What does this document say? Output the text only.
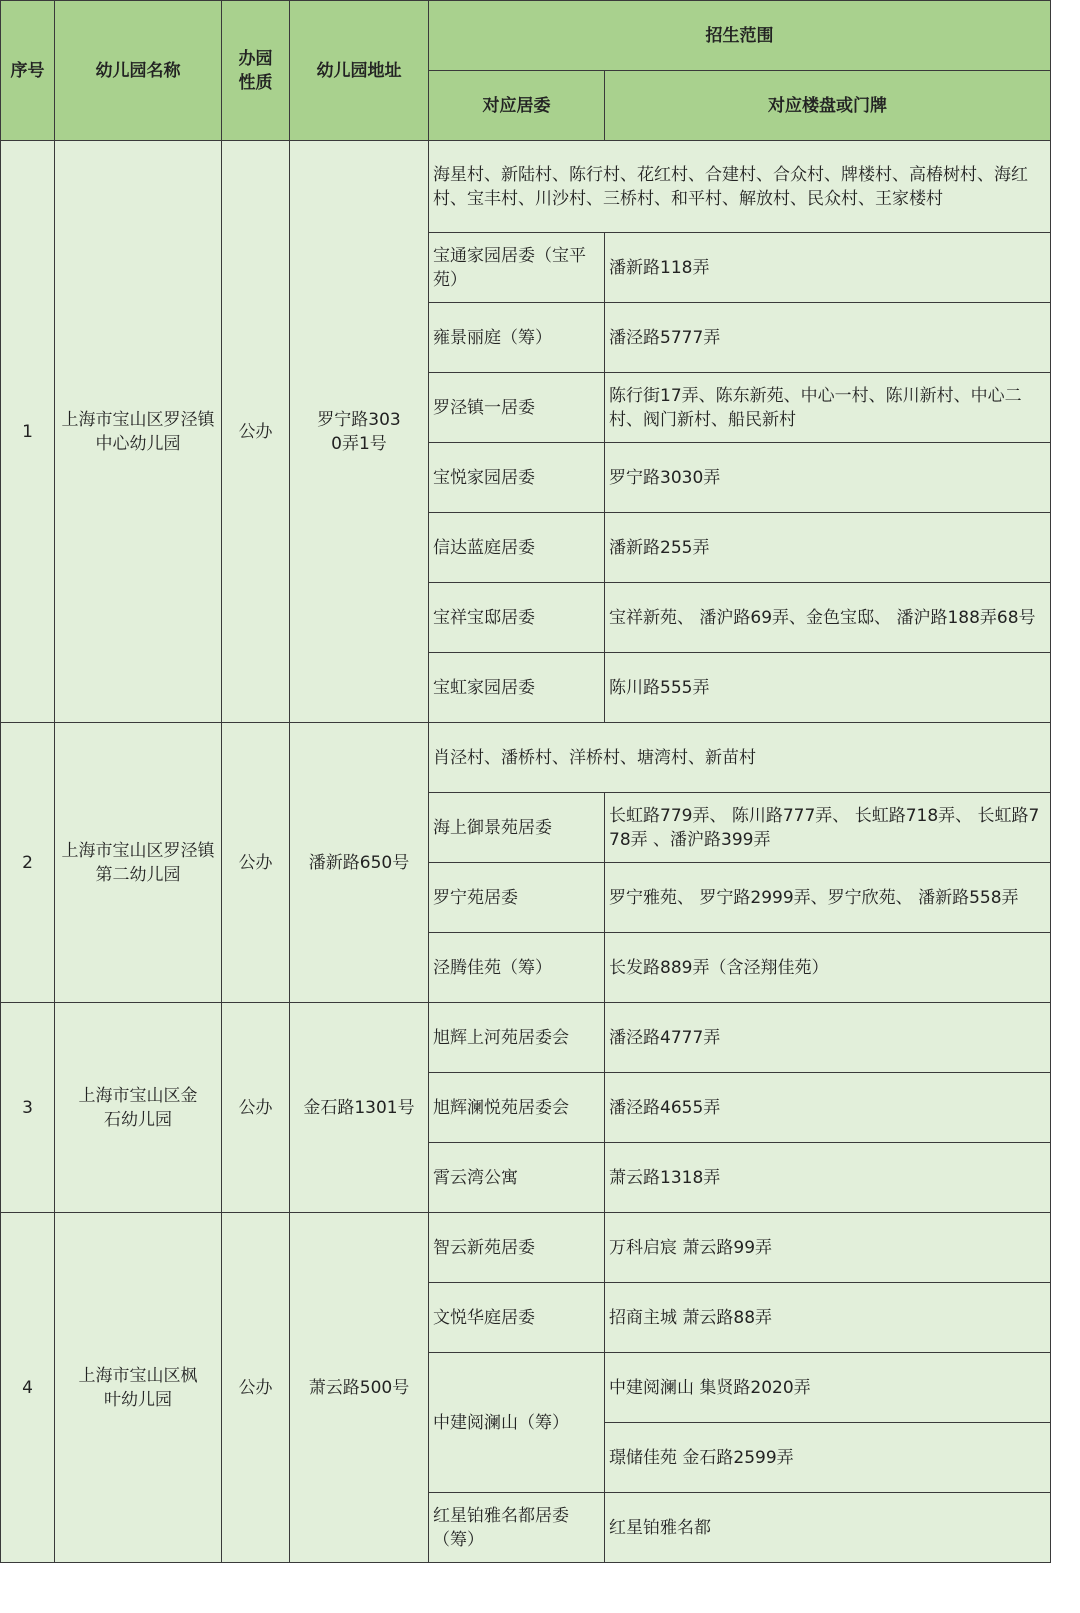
序号	幼儿园名称	办园性质	幼儿园地址	招生范围	
				对应居委	对应楼盘或门牌
1	上海市宝山区罗泾镇中心幼儿园	公办	罗宁路3030弄1号	海星村、新陆村、陈行村、花红村、合建村、合众村、牌楼村、高椿树村、海红村、宝丰村、川沙村、三桥村、和平村、解放村、民众村、王家楼村	
				宝通家园居委（宝平苑）	潘新路118弄
				雍景丽庭（筹）	潘泾路5777弄
				罗泾镇一居委	陈行街17弄、陈东新苑、中心一村、陈川新村、中心二村、阀门新村、船民新村
				宝悦家园居委	罗宁路3030弄
				信达蓝庭居委	潘新路255弄
				宝祥宝邸居委	宝祥新苑、 潘沪路69弄、金色宝邸、 潘沪路188弄68号
				宝虹家园居委	陈川路555弄
2	上海市宝山区罗泾镇第二幼儿园	公办	潘新路650号	肖泾村、潘桥村、洋桥村、塘湾村、新苗村	
				海上御景苑居委	长虹路779弄、 陈川路777弄、 长虹路718弄、 长虹路778弄 、潘沪路399弄
				罗宁苑居委	罗宁雅苑、 罗宁路2999弄、罗宁欣苑、 潘新路558弄
				泾腾佳苑（筹）	长发路889弄（含泾翔佳苑）
3	上海市宝山区金石幼儿园	公办	金石路1301号	旭辉上河苑居委会	潘泾路4777弄
				旭辉澜悦苑居委会	潘泾路4655弄
				霄云湾公寓	萧云路1318弄
4	上海市宝山区枫叶幼儿园	公办	萧云路500号	智云新苑居委	万科启宸 萧云路99弄
				文悦华庭居委	招商主城 萧云路88弄
				中建阅澜山（筹）	中建阅澜山 集贤路2020弄
					璟储佳苑 金石路2599弄
				红星铂雅名都居委（筹）	红星铂雅名都
